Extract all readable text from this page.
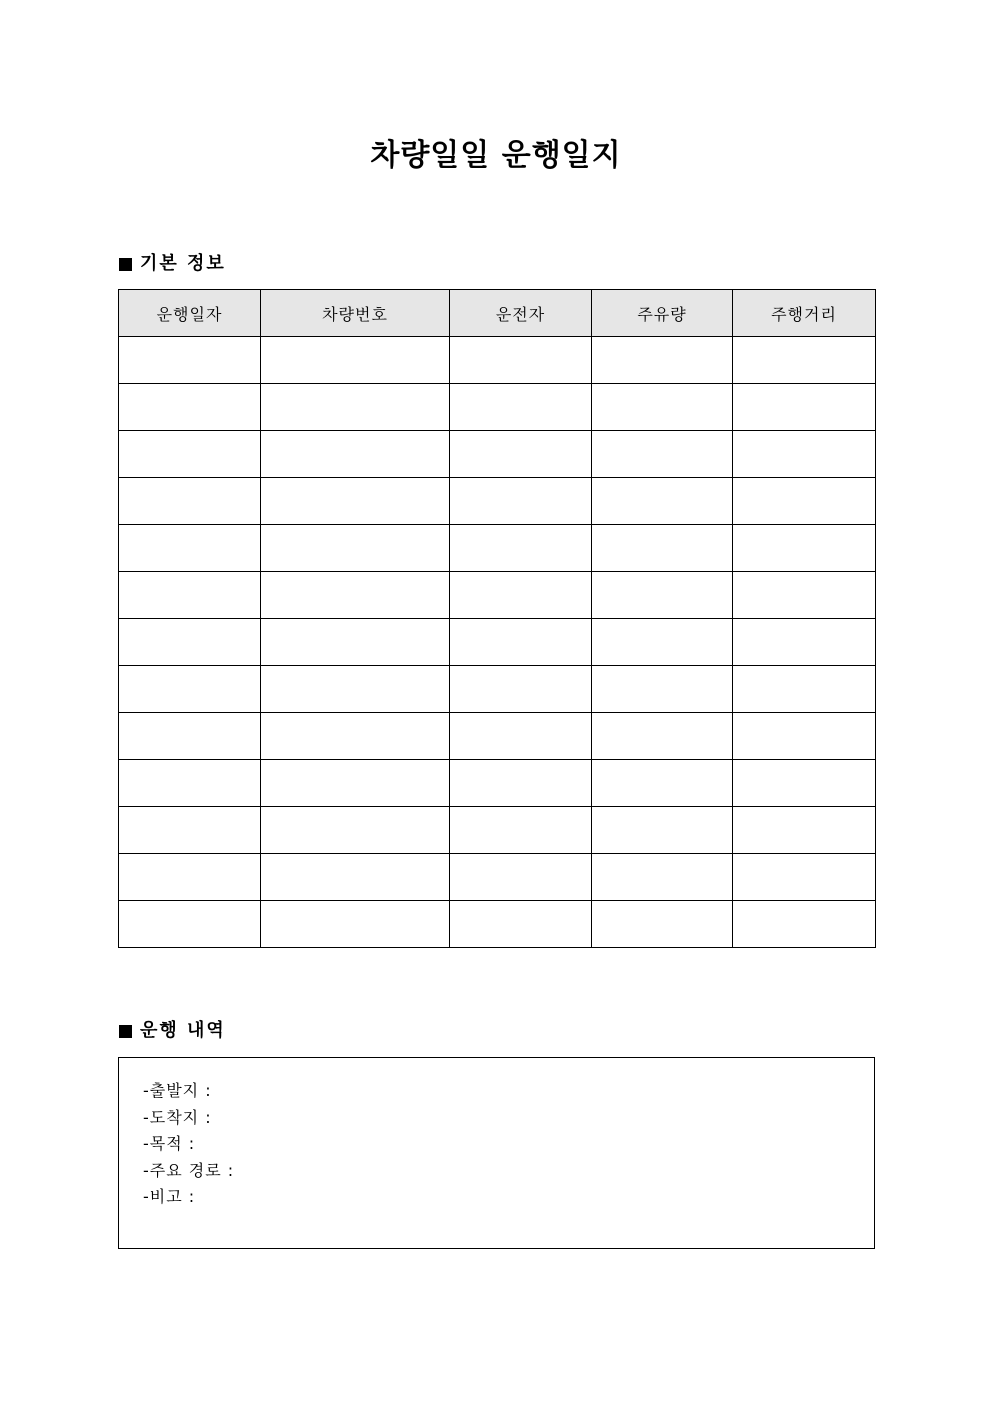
차량일일 운행일지
기본 정보
운행일자	차량번호	운전자	주유량	주행거리

운행 내역
-출발지 :
-도착지 :
-목적 :
-주요 경로 :
-비고 :
